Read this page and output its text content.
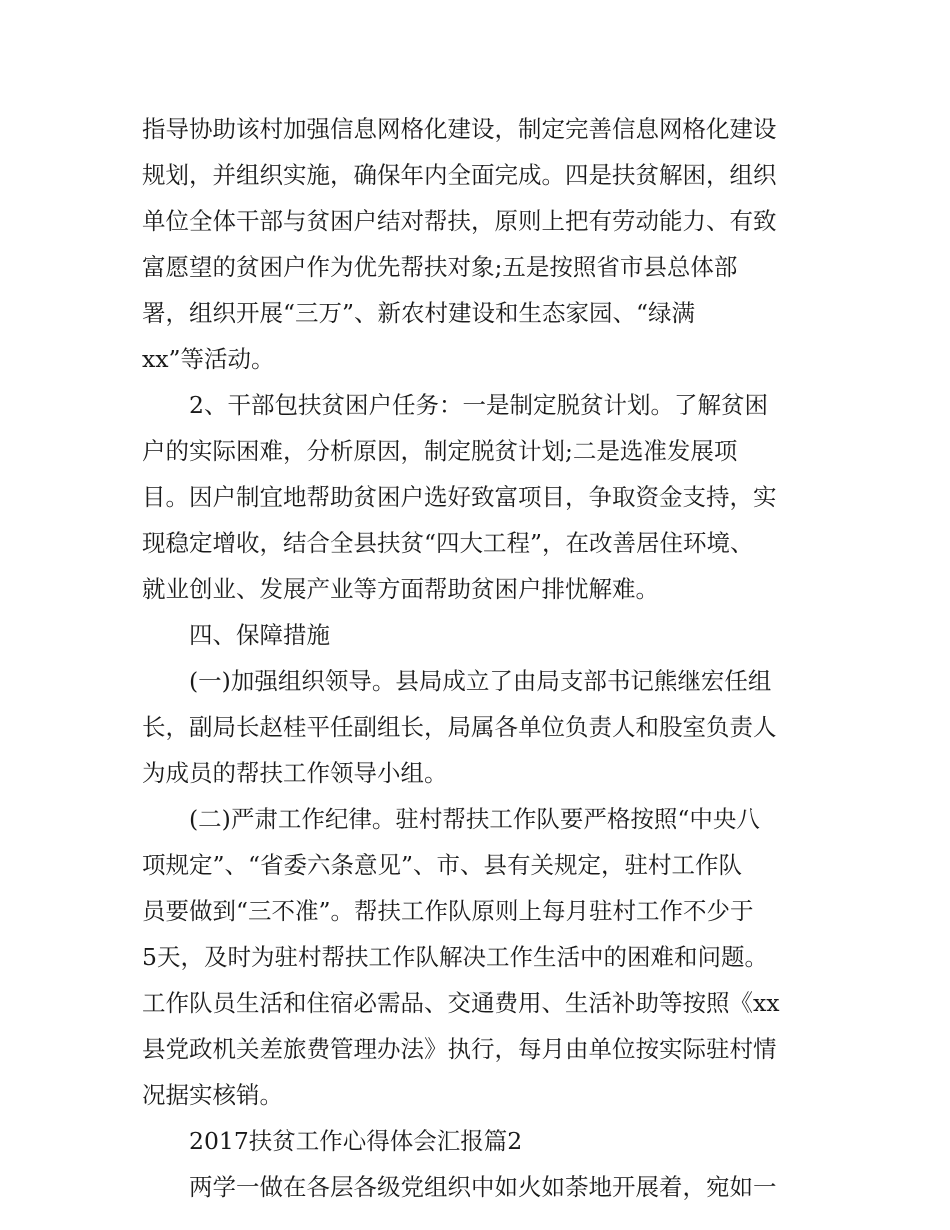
指导协助该村加强信息网格化建设，制定完善信息网格化建设
规划，并组织实施，确保年内全面完成。四是扶贫解困，组织
单位全体干部与贫困户结对帮扶，原则上把有劳动能力、有致
富愿望的贫困户作为优先帮扶对象;五是按照省市县总体部
署，组织开展“三万”、新农村建设和生态家园、“绿满
xx”等活动。
2、干部包扶贫困户任务：一是制定脱贫计划。了解贫困
户的实际困难，分析原因，制定脱贫计划;二是选准发展项
目。因户制宜地帮助贫困户选好致富项目，争取资金支持，实
现稳定增收，结合全县扶贫“四大工程”，在改善居住环境、
就业创业、发展产业等方面帮助贫困户排忧解难。
四、保障措施
(一)加强组织领导。县局成立了由局支部书记熊继宏任组
长，副局长赵桂平任副组长，局属各单位负责人和股室负责人
为成员的帮扶工作领导小组。
(二)严肃工作纪律。驻村帮扶工作队要严格按照“中央八
项规定”、“省委六条意见”、市、县有关规定，驻村工作队
员要做到“三不准”。帮扶工作队原则上每月驻村工作不少于
5天，及时为驻村帮扶工作队解决工作生活中的困难和问题。
工作队员生活和住宿必需品、交通费用、生活补助等按照《xx
县党政机关差旅费管理办法》执行，每月由单位按实际驻村情
况据实核销。
2017扶贫工作心得体会汇报篇2
两学一做在各层各级党组织中如火如荼地开展着，宛如一
